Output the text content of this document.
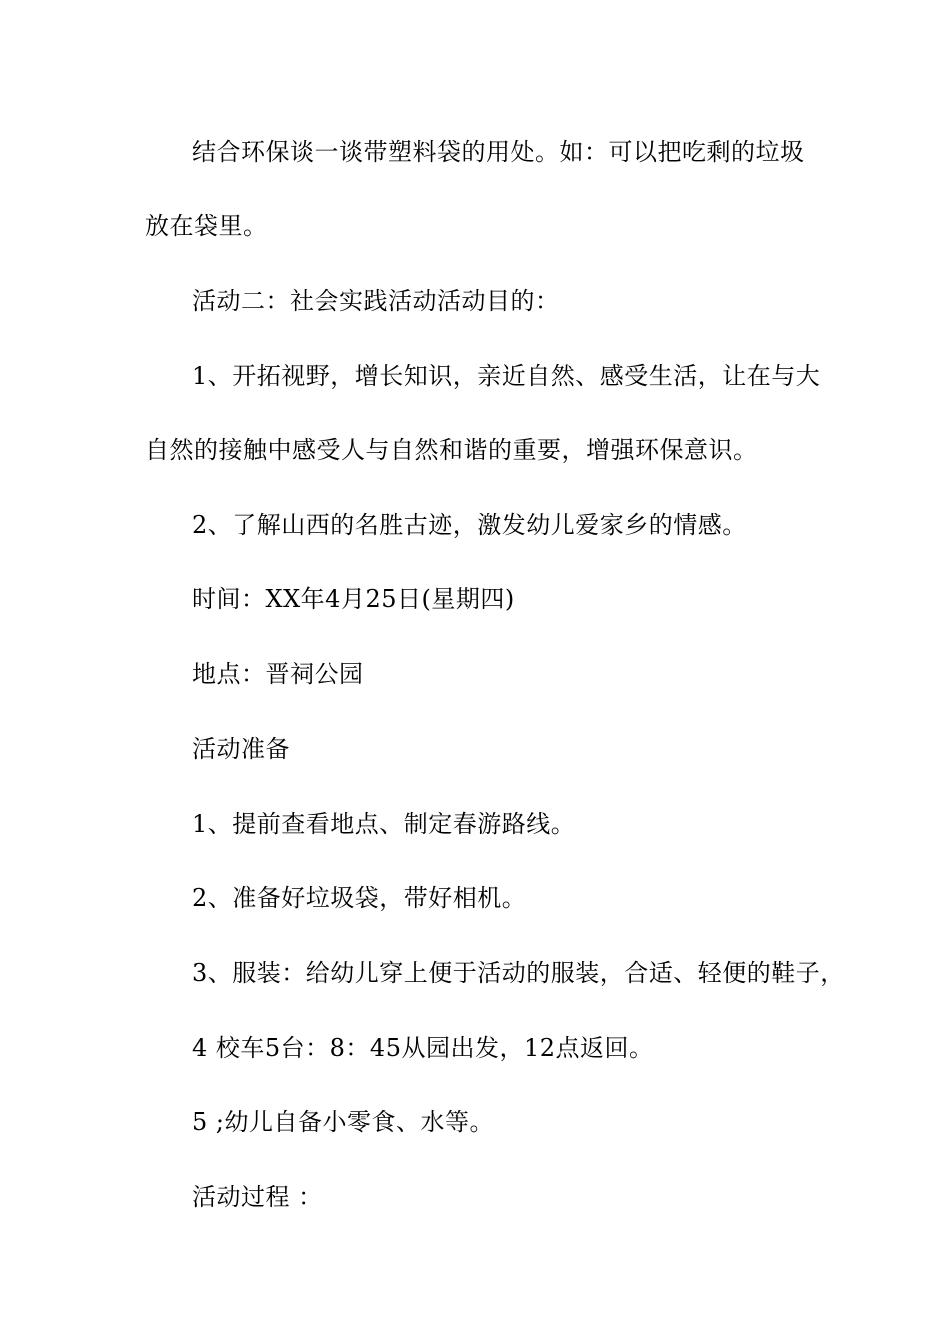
结合环保谈一谈带塑料袋的用处。如：可以把吃剩的垃圾
放在袋里。
活动二：社会实践活动活动目的：
1、开拓视野，增长知识，亲近自然、感受生活，让在与大
自然的接触中感受人与自然和谐的重要，增强环保意识。
2、了解山西的名胜古迹，激发幼儿爱家乡的情感。
时间：XX年4月25日(星期四)
地点：晋祠公园
活动准备
1、提前查看地点、制定春游路线。
2、准备好垃圾袋，带好相机。
3、服装：给幼儿穿上便于活动的服装，合适、轻便的鞋子，
4 校车5台：8：45从园出发，12点返回。
5 ;幼儿自备小零食、水等。
活动过程 ：
